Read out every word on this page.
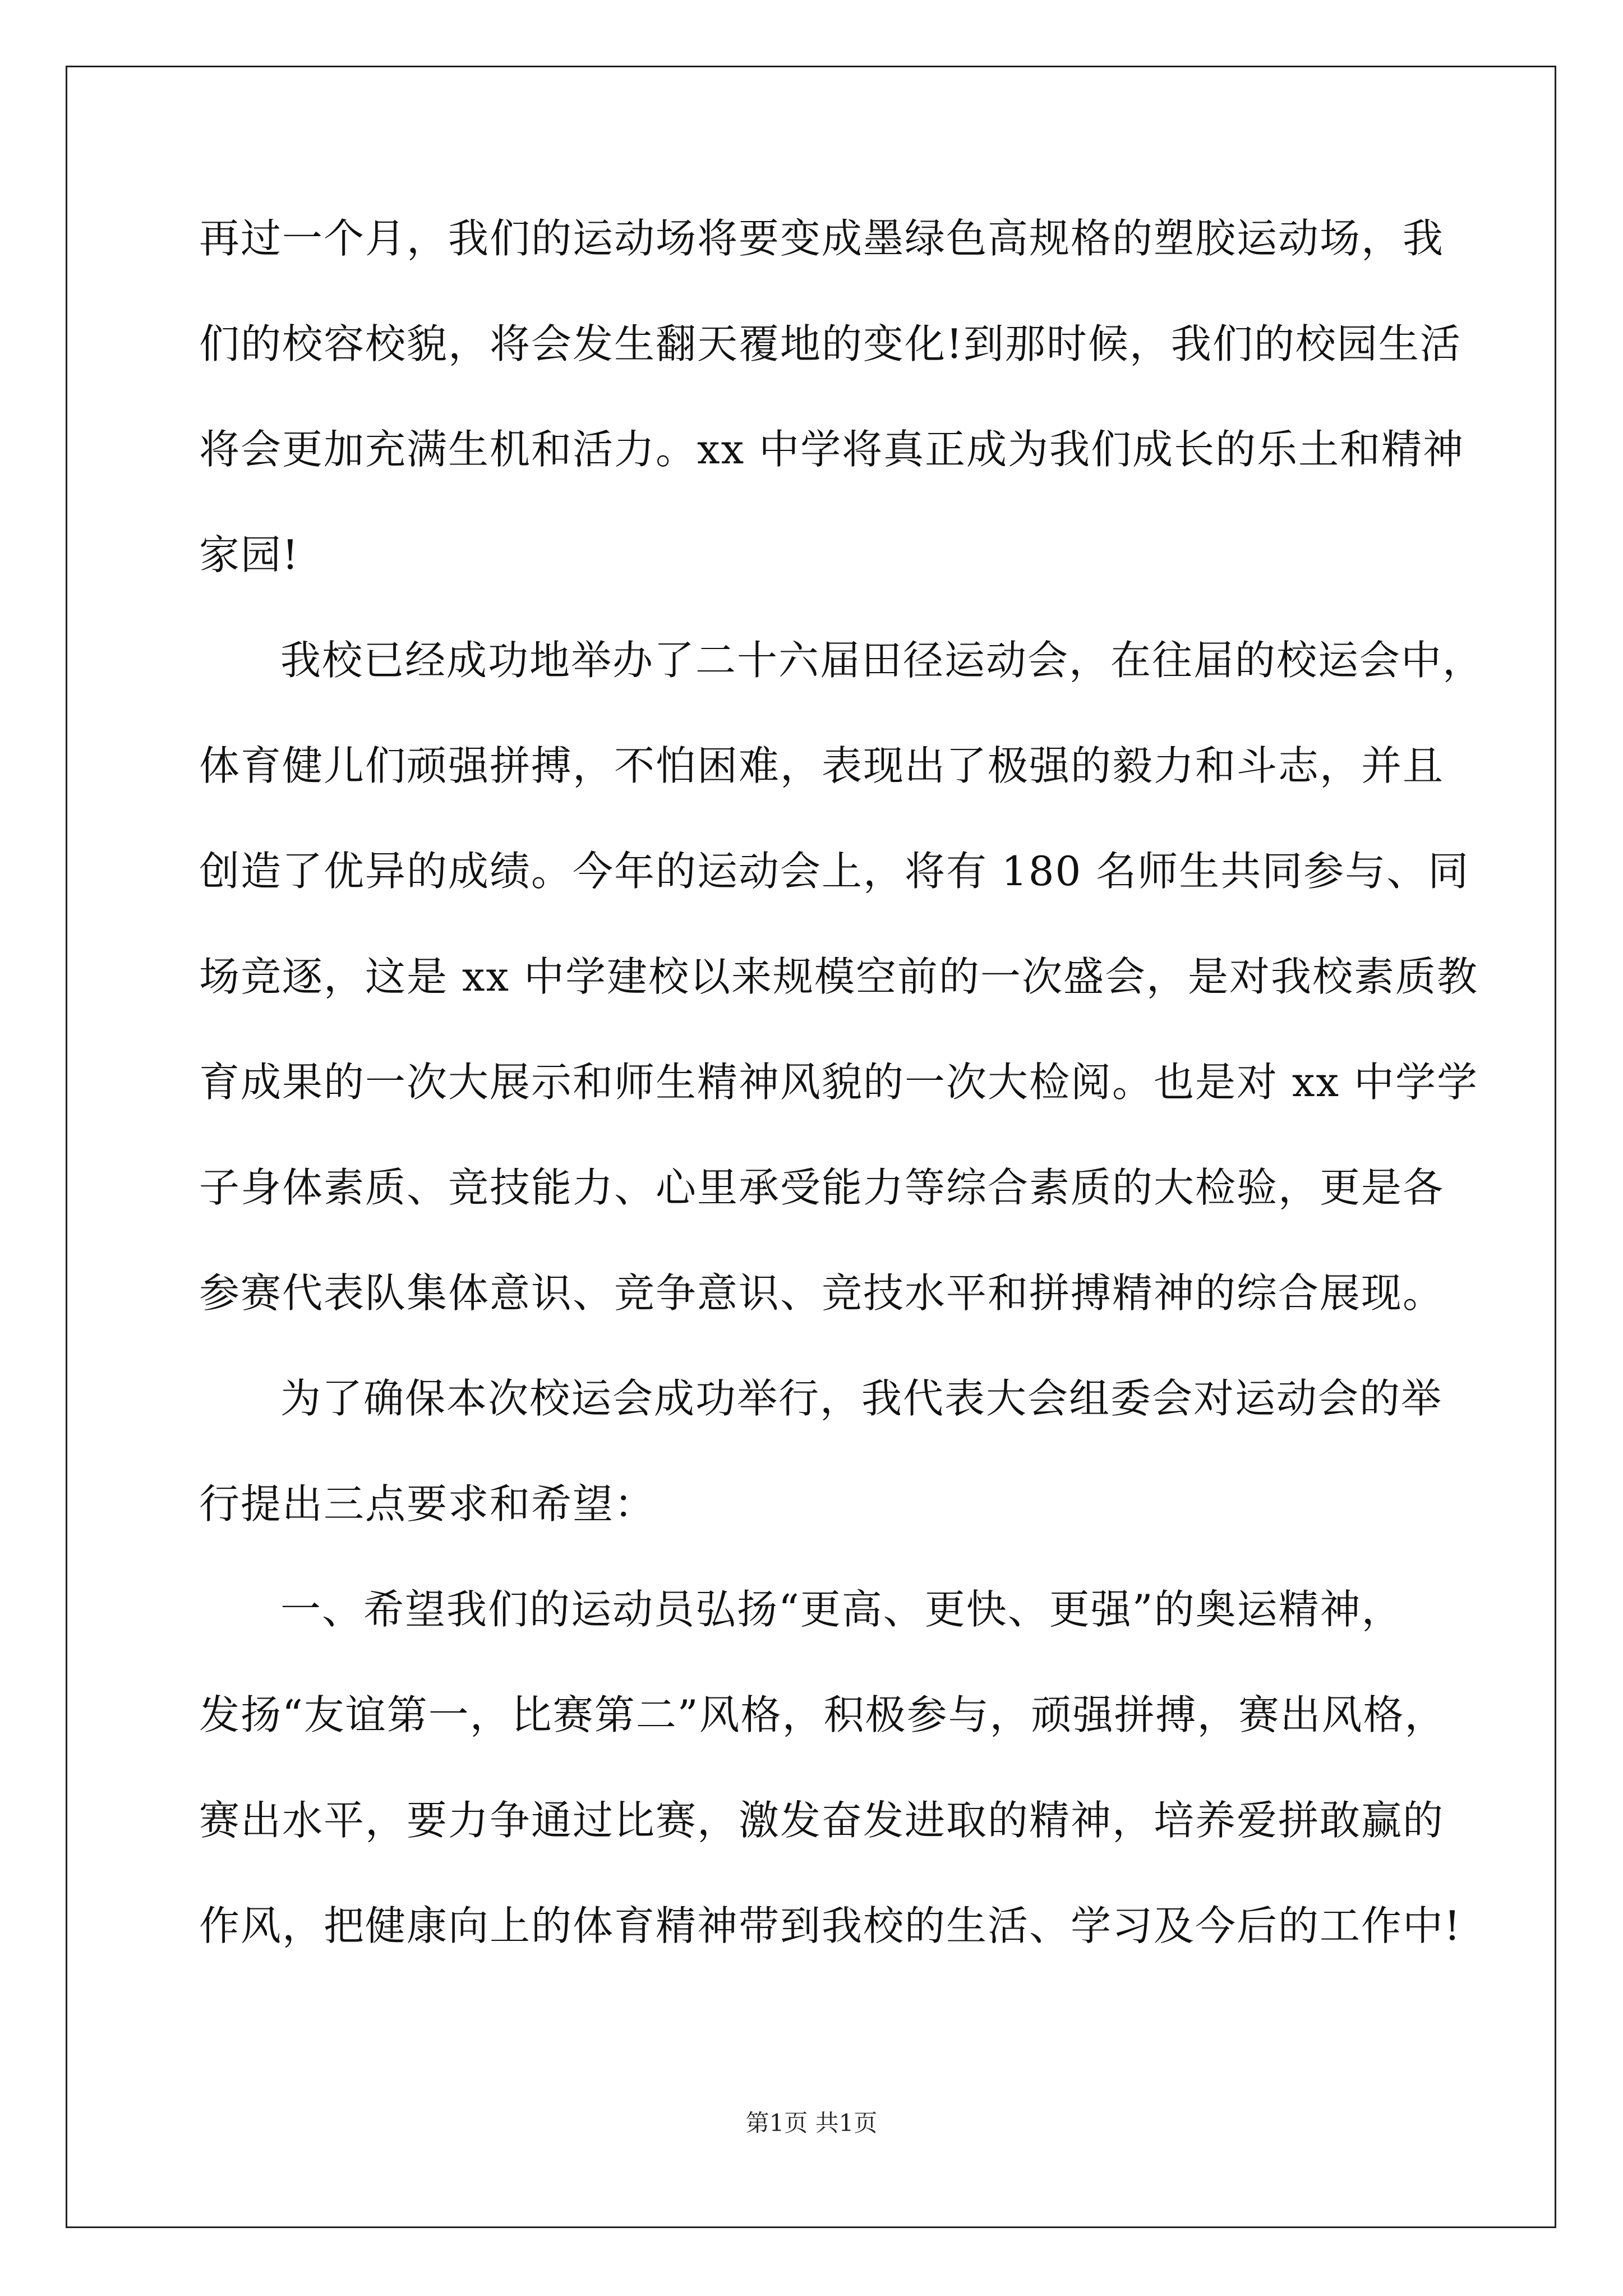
再过一个月，我们的运动场将要变成墨绿色高规格的塑胶运动场，我
们的校容校貌，将会发生翻天覆地的变化!到那时候，我们的校园生活
将会更加充满生机和活力。xx 中学将真正成为我们成长的乐土和精神
家园!
我校已经成功地举办了二十六届田径运动会，在往届的校运会中，
体育健儿们顽强拼搏，不怕困难，表现出了极强的毅力和斗志，并且
创造了优异的成绩。今年的运动会上，将有 180 名师生共同参与、同
场竞逐，这是 xx 中学建校以来规模空前的一次盛会，是对我校素质教
育成果的一次大展示和师生精神风貌的一次大检阅。也是对 xx 中学学
子身体素质、竞技能力、心里承受能力等综合素质的大检验，更是各
参赛代表队集体意识、竞争意识、竞技水平和拼搏精神的综合展现。
为了确保本次校运会成功举行，我代表大会组委会对运动会的举
行提出三点要求和希望：
一、希望我们的运动员弘扬“更高、更快、更强”的奥运精神，
发扬“友谊第一，比赛第二”风格，积极参与，顽强拼搏，赛出风格，
赛出水平，要力争通过比赛，激发奋发进取的精神，培养爱拼敢赢的
作风，把健康向上的体育精神带到我校的生活、学习及今后的工作中!
第1页 共1页
